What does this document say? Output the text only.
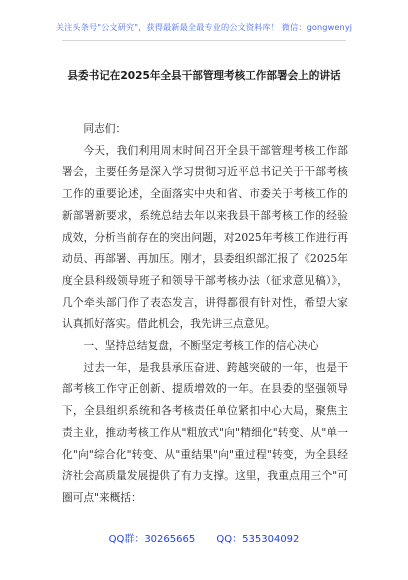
关注头条号"公文研究"，获得最新最全最专业的公文资料库！ 微信：gongwenyj
县委书记在2025年全县干部管理考核工作部署会上的讲话

同志们：

今天，我们利用周末时间召开全县干部管理考核工作部署会，主要任务是深入学习贯彻习近平总书记关于干部考核工作的重要论述，全面落实中央和省、市委关于考核工作的新部署新要求，系统总结去年以来我县干部考核工作的经验成效，分析当前存在的突出问题，对2025年考核工作进行再动员、再部署、再加压。刚才，县委组织部汇报了《2025年度全县科级领导班子和领导干部考核办法（征求意见稿）》，几个牵头部门作了表态发言，讲得都很有针对性，希望大家认真抓好落实。借此机会，我先讲三点意见。

一、坚持总结复盘，不断坚定考核工作的信心决心

过去一年，是我县承压奋进、跨越突破的一年，也是干部考核工作守正创新、提质增效的一年。在县委的坚强领导下，全县组织系统和各考核责任单位紧扣中心大局，聚焦主责主业，推动考核工作从"粗放式"向"精细化"转变、从"单一化"向"综合化"转变、从"重结果"向"重过程"转变，为全县经济社会高质量发展提供了有力支撑。这里，我重点用三个"可圈可点"来概括：

QQ群：30265665 QQ：535304092
